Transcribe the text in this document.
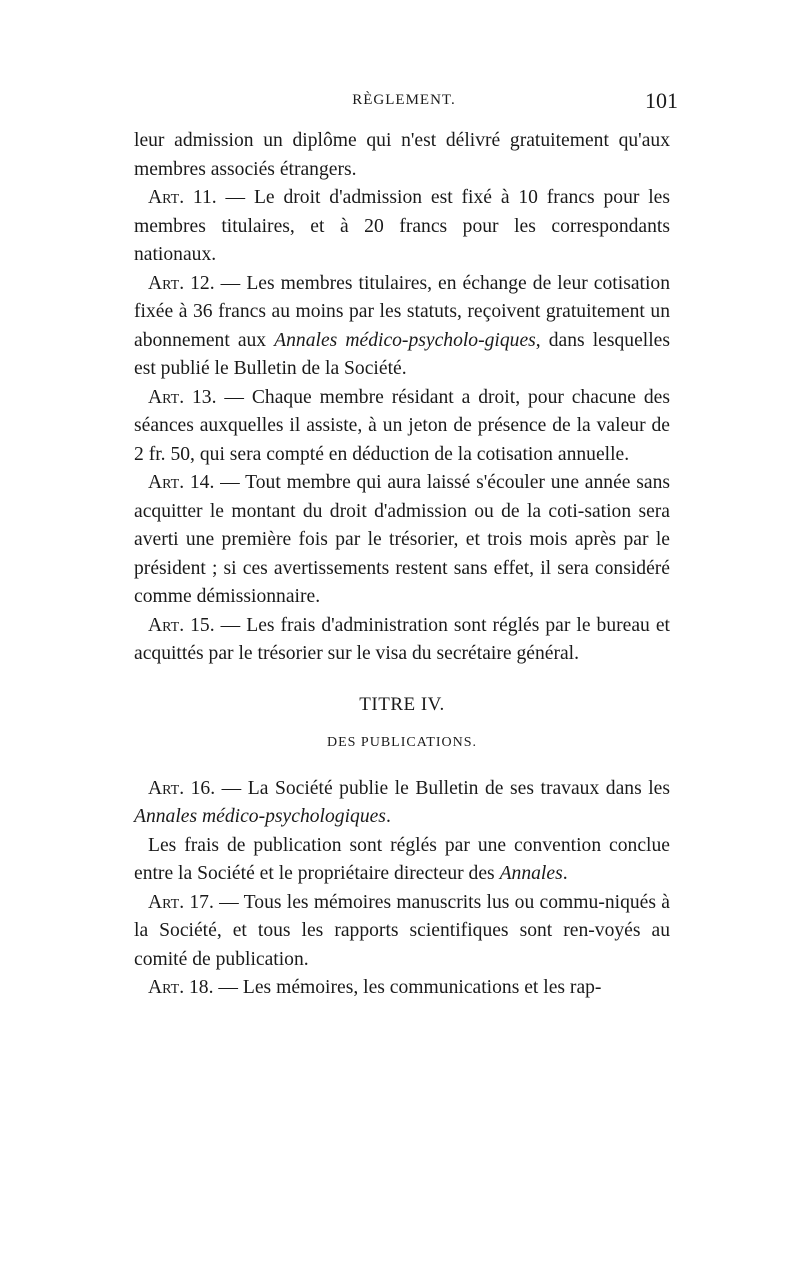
RÈGLEMENT.	101

leur admission un diplôme qui n'est délivré gratuitement qu'aux membres associés étrangers.

Art. 11. — Le droit d'admission est fixé à 10 francs pour les membres titulaires, et à 20 francs pour les correspondants nationaux.

Art. 12. — Les membres titulaires, en échange de leur cotisation fixée à 36 francs au moins par les statuts, reçoivent gratuitement un abonnement aux Annales médico-psycholo-giques, dans lesquelles est publié le Bulletin de la Société.

Art. 13. — Chaque membre résidant a droit, pour chacune des séances auxquelles il assiste, à un jeton de présence de la valeur de 2 fr. 50, qui sera compté en déduction de la cotisation annuelle.

Art. 14. — Tout membre qui aura laissé s'écouler une année sans acquitter le montant du droit d'admission ou de la coti-sation sera averti une première fois par le trésorier, et trois mois après par le président ; si ces avertissements restent sans effet, il sera considéré comme démissionnaire.

Art. 15. — Les frais d'administration sont réglés par le bureau et acquittés par le trésorier sur le visa du secrétaire général.

TITRE IV.
DES PUBLICATIONS.

Art. 16. — La Société publie le Bulletin de ses travaux dans les Annales médico-psychologiques.

Les frais de publication sont réglés par une convention conclue entre la Société et le propriétaire directeur des Annales.

Art. 17. — Tous les mémoires manuscrits lus ou commu-niqués à la Société, et tous les rapports scientifiques sont ren-voyés au comité de publication.

Art. 18. — Les mémoires, les communications et les rap-
